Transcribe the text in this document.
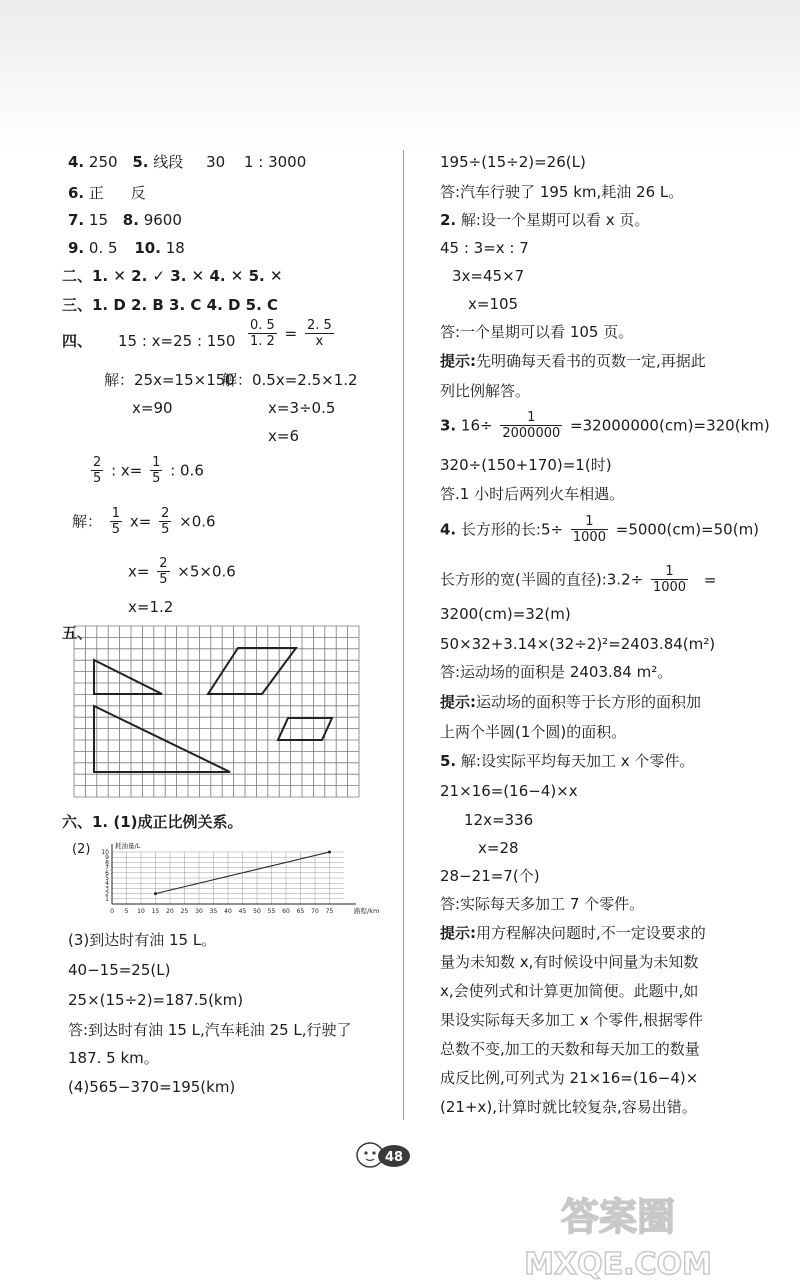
4. 250 5. 线段 30 1 : 3000
6. 正 反
7. 15 8. 9600
9. 0. 5 10. 18
二、1. ✕ 2. ✓ 3. ✕ 4. ✕ 5. ✕
三、1. D 2. B 3. C 4. D 5. C
四、 15 : x=25 : $150 \frac{0. 5}{1. 2} = \frac{2. 5}{x}$
解：25x=15×150
解：0.5x=2.5×1.2
x=90	x=3÷0.5
x=6
$\frac{2}{5}$ : $x= \frac{1}{5}$ : 0.6
解： $\frac{1}{5} x= \frac{2}{5} \times 0.6$
$x= \frac{2}{5} \times 5\times 0.6$
x=1.2
五、
六、1. (1)成正比例关系。
(2)
0 5 10 15 20 25 30 35 40 45 50 55 60 65 70 75
1
2
3
4
5
6
7
8
9
10
耗油量/L
路程/km
(3)到达时有油 15 L。
40−15=25(L)
25×(15÷2)=187.5(km)
答:到达时有油 15 L,汽车耗油 25 L,行驶了
187. 5 km。
(4)565−370=195(km)
195÷(15÷2)=26(L)
答:汽车行驶了 195 km,耗油 26 L。
2. 解:设一个星期可以看 x 页。
45 : 3=x : 7
3x=45×7
x=105
答:一个星期可以看 105 页。
提示:先明确每天看书的页数一定,再据此
列比例解答。
3. $16\div \frac{1}{2000000} =32000000(cm)=320(km)$
320÷(150+170)=1(时)
答.1 小时后两列火车相遇。
4. 长方形的长:5÷ $\frac{1}{1000} =5000(cm)=50(m)$
长方形的宽(半圆的直径):3.2÷ $\frac{1}{1000}$ =
3200(cm)=32(m)
50×32+3.14×(32÷2)²=2403.84(m²)
答:运动场的面积是 2403.84 m²。
提示:运动场的面积等于长方形的面积加
上两个半圆(1个圆)的面积。
5. 解:设实际平均每天加工 x 个零件。
21×16=(16−4)×x
12x=336
x=28
28−21=7(个)
答:实际每天多加工 7 个零件。
提示:用方程解决问题时,不一定设要求的
量为未知数 x,有时候设中间量为未知数
x,会使列式和计算更加简便。此题中,如
果设实际每天多加工 x 个零件,根据零件
总数不变,加工的天数和每天加工的数量
成反比例,可列式为 21×16=(16−4)×
(21+x),计算时就比较复杂,容易出错。
48
答案圈
MXQE.COM
